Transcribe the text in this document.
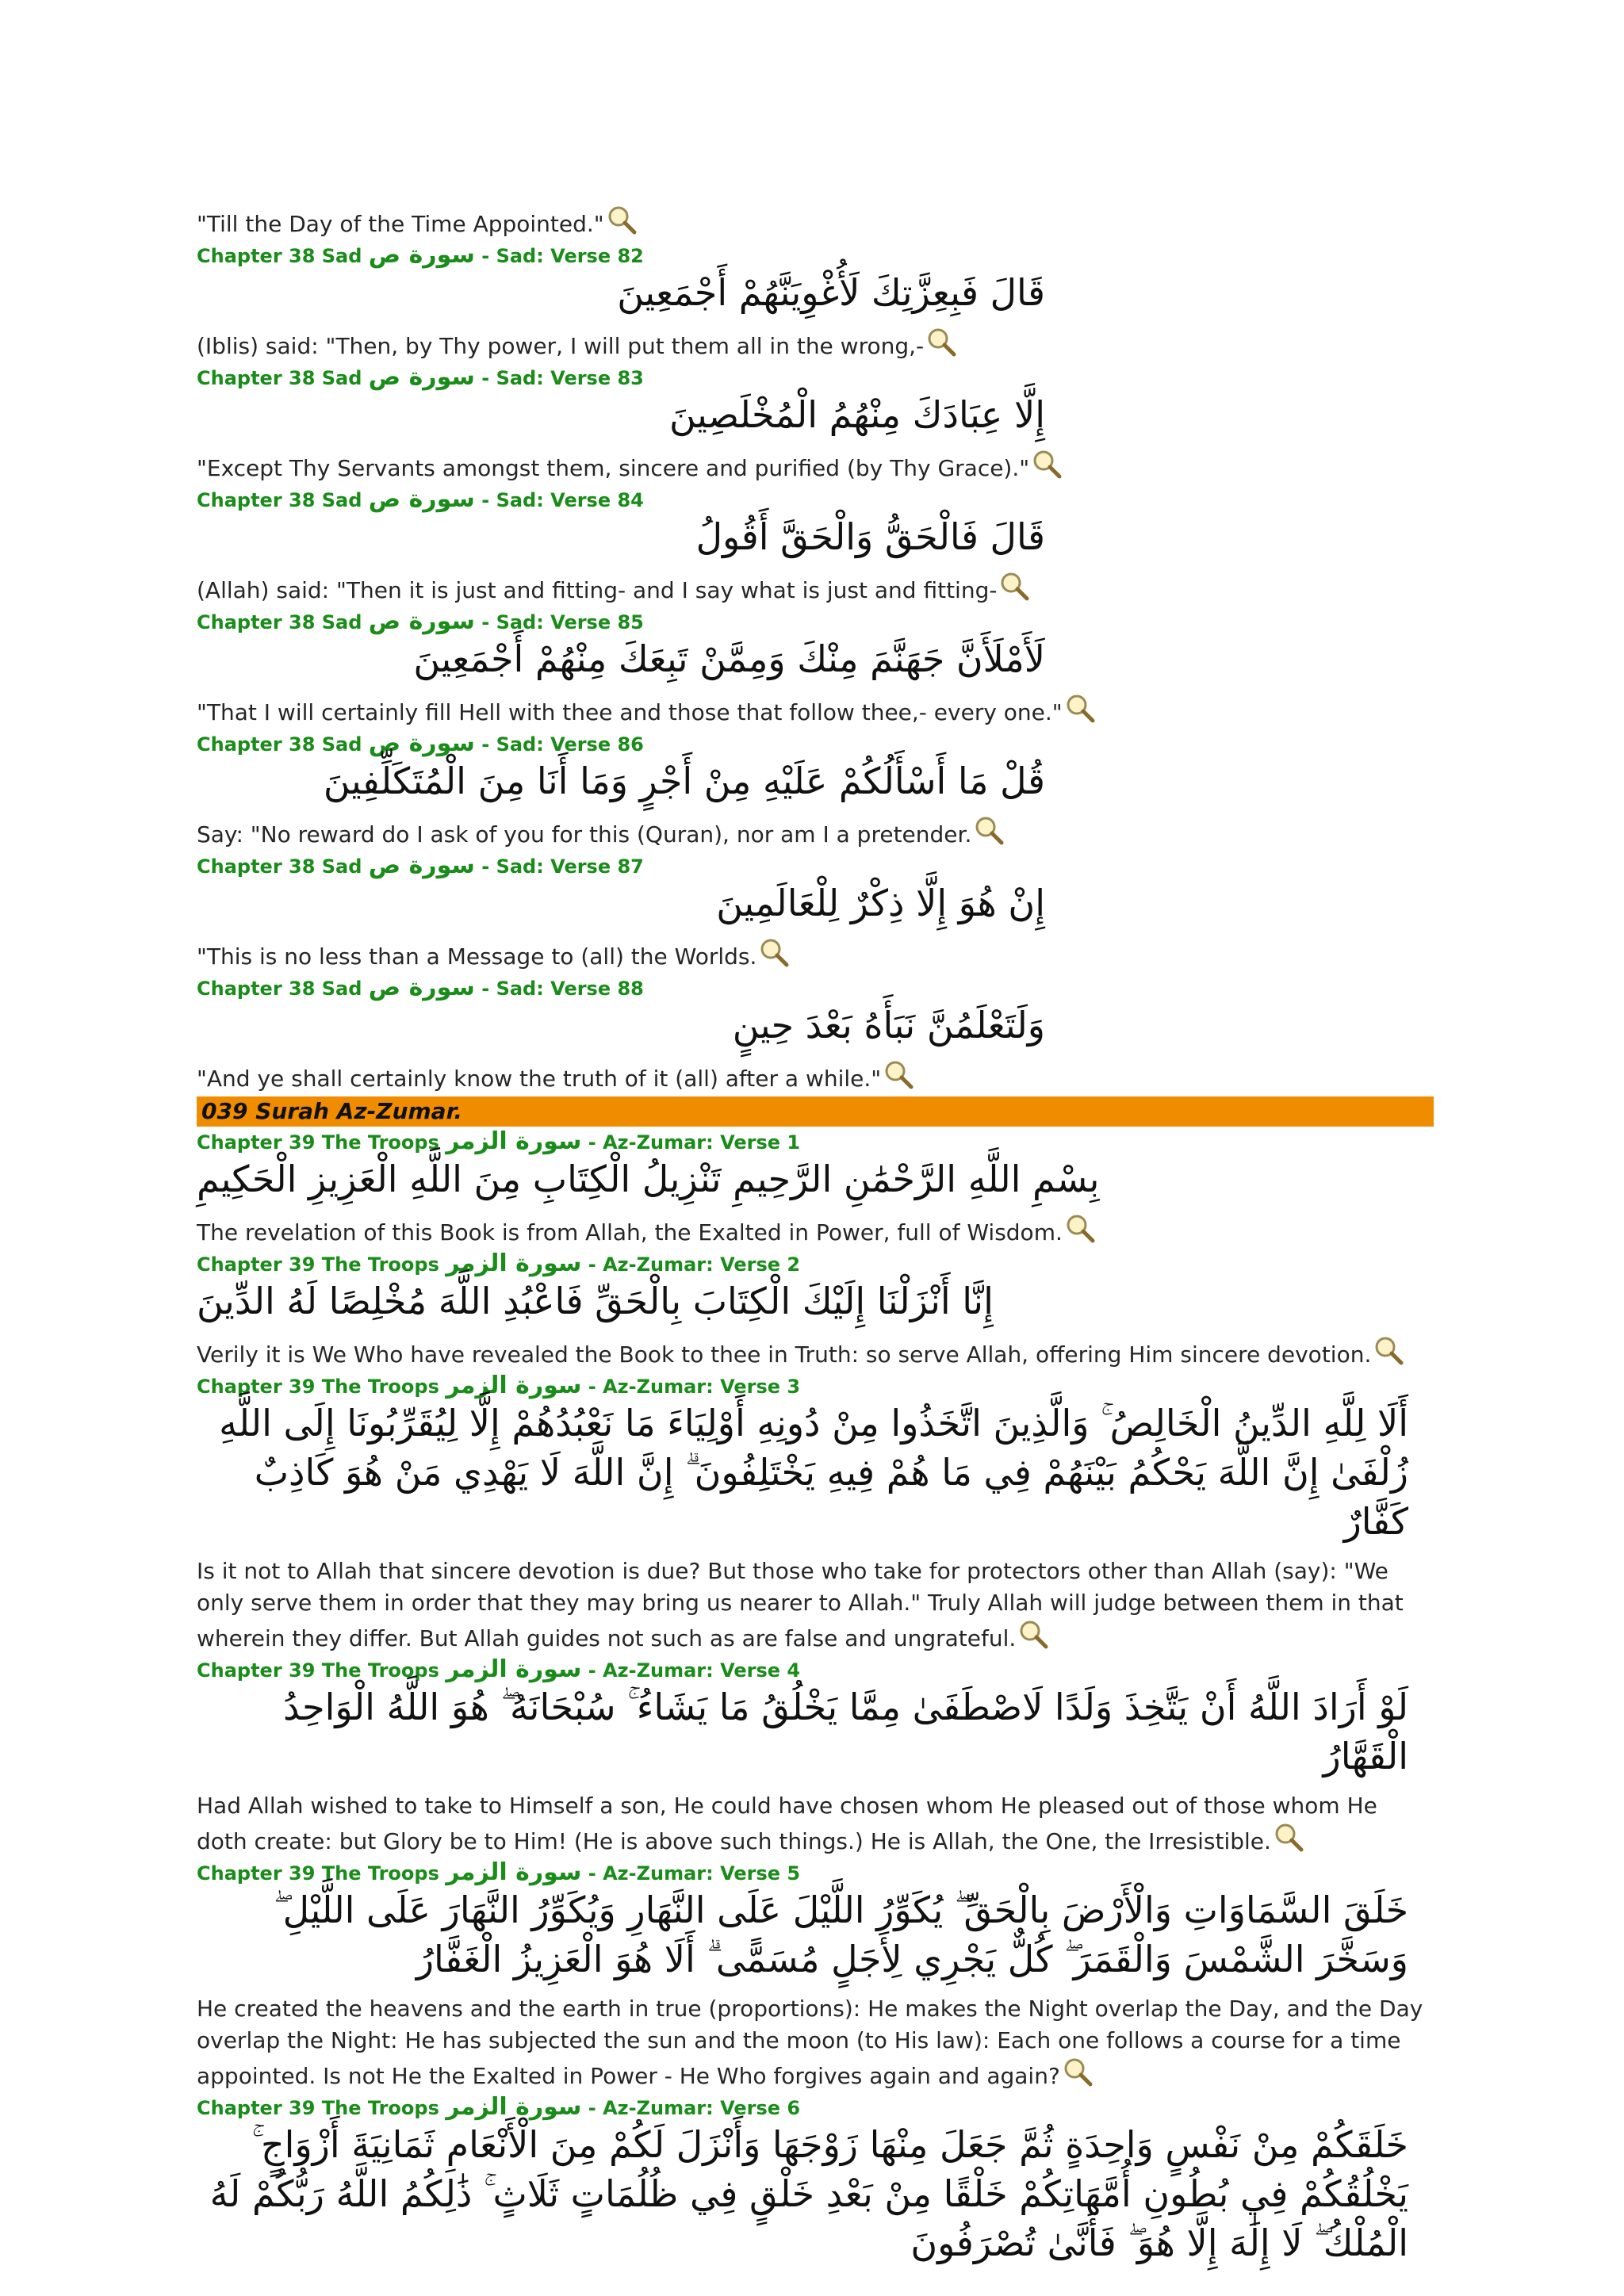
"Till the Day of the Time Appointed."

Chapter 38 Sad سورة ص - Sad: Verse 82

قَالَ فَبِعِزَّتِكَ لَأُغْوِيَنَّهُمْ أَجْمَعِينَ

(Iblis) said: "Then, by Thy power, I will put them all in the wrong,-

Chapter 38 Sad سورة ص - Sad: Verse 83

إِلَّا عِبَادَكَ مِنْهُمُ الْمُخْلَصِينَ

"Except Thy Servants amongst them, sincere and purified (by Thy Grace)."

Chapter 38 Sad سورة ص - Sad: Verse 84

قَالَ فَالْحَقُّ وَالْحَقَّ أَقُولُ

(Allah) said: "Then it is just and fitting- and I say what is just and fitting-

Chapter 38 Sad سورة ص - Sad: Verse 85

لَأَمْلَأَنَّ جَهَنَّمَ مِنْكَ وَمِمَّنْ تَبِعَكَ مِنْهُمْ أَجْمَعِينَ

"That I will certainly fill Hell with thee and those that follow thee,- every one."

Chapter 38 Sad سورة ص - Sad: Verse 86

قُلْ مَا أَسْأَلُكُمْ عَلَيْهِ مِنْ أَجْرٍ وَمَا أَنَا مِنَ الْمُتَكَلِّفِينَ

Say: "No reward do I ask of you for this (Quran), nor am I a pretender.

Chapter 38 Sad سورة ص - Sad: Verse 87

إِنْ هُوَ إِلَّا ذِكْرٌ لِلْعَالَمِينَ

"This is no less than a Message to (all) the Worlds.

Chapter 38 Sad سورة ص - Sad: Verse 88

وَلَتَعْلَمُنَّ نَبَأَهُ بَعْدَ حِينٍ

"And ye shall certainly know the truth of it (all) after a while."

039 Surah Az-Zumar.
Chapter 39 The Troops سورة الزمر - Az-Zumar: Verse 1

بِسْمِ اللَّهِ الرَّحْمَٰنِ الرَّحِيمِ تَنْزِيلُ الْكِتَابِ مِنَ اللَّهِ الْعَزِيزِ الْحَكِيمِ

The revelation of this Book is from Allah, the Exalted in Power, full of Wisdom.

Chapter 39 The Troops سورة الزمر - Az-Zumar: Verse 2

إِنَّا أَنْزَلْنَا إِلَيْكَ الْكِتَابَ بِالْحَقِّ فَاعْبُدِ اللَّهَ مُخْلِصًا لَهُ الدِّينَ

Verily it is We Who have revealed the Book to thee in Truth: so serve Allah, offering Him sincere devotion.

Chapter 39 The Troops سورة الزمر - Az-Zumar: Verse 3

أَلَا لِلَّهِ الدِّينُ الْخَالِصُ ۚ وَالَّذِينَ اتَّخَذُوا مِنْ دُونِهِ أَوْلِيَاءَ مَا نَعْبُدُهُمْ إِلَّا لِيُقَرِّبُونَا إِلَى اللَّهِ زُلْفَىٰ إِنَّ اللَّهَ يَحْكُمُ بَيْنَهُمْ فِي مَا هُمْ فِيهِ يَخْتَلِفُونَ ۗ إِنَّ اللَّهَ لَا يَهْدِي مَنْ هُوَ كَاذِبٌ كَفَّارٌ

Is it not to Allah that sincere devotion is due? But those who take for protectors other than Allah (say): "We only serve them in order that they may bring us nearer to Allah." Truly Allah will judge between them in that wherein they differ. But Allah guides not such as are false and ungrateful.

Chapter 39 The Troops سورة الزمر - Az-Zumar: Verse 4

لَوْ أَرَادَ اللَّهُ أَنْ يَتَّخِذَ وَلَدًا لَاصْطَفَىٰ مِمَّا يَخْلُقُ مَا يَشَاءُ ۚ سُبْحَانَهُ ۖ هُوَ اللَّهُ الْوَاحِدُ الْقَهَّارُ

Had Allah wished to take to Himself a son, He could have chosen whom He pleased out of those whom He doth create: but Glory be to Him! (He is above such things.) He is Allah, the One, the Irresistible.

Chapter 39 The Troops سورة الزمر - Az-Zumar: Verse 5

خَلَقَ السَّمَاوَاتِ وَالْأَرْضَ بِالْحَقِّ ۖ يُكَوِّرُ اللَّيْلَ عَلَى النَّهَارِ وَيُكَوِّرُ النَّهَارَ عَلَى اللَّيْلِ ۖ وَسَخَّرَ الشَّمْسَ وَالْقَمَرَ ۖ كُلٌّ يَجْرِي لِأَجَلٍ مُسَمًّى ۗ أَلَا هُوَ الْعَزِيزُ الْغَفَّارُ

He created the heavens and the earth in true (proportions): He makes the Night overlap the Day, and the Day overlap the Night: He has subjected the sun and the moon (to His law): Each one follows a course for a time appointed. Is not He the Exalted in Power - He Who forgives again and again?

Chapter 39 The Troops سورة الزمر - Az-Zumar: Verse 6

خَلَقَكُمْ مِنْ نَفْسٍ وَاحِدَةٍ ثُمَّ جَعَلَ مِنْهَا زَوْجَهَا وَأَنْزَلَ لَكُمْ مِنَ الْأَنْعَامِ ثَمَانِيَةَ أَزْوَاجٍ ۚ يَخْلُقُكُمْ فِي بُطُونِ أُمَّهَاتِكُمْ خَلْقًا مِنْ بَعْدِ خَلْقٍ فِي ظُلُمَاتٍ ثَلَاثٍ ۚ ذَٰلِكُمُ اللَّهُ رَبُّكُمْ لَهُ الْمُلْكُ ۖ لَا إِلَٰهَ إِلَّا هُوَ ۖ فَأَنَّىٰ تُصْرَفُونَ
